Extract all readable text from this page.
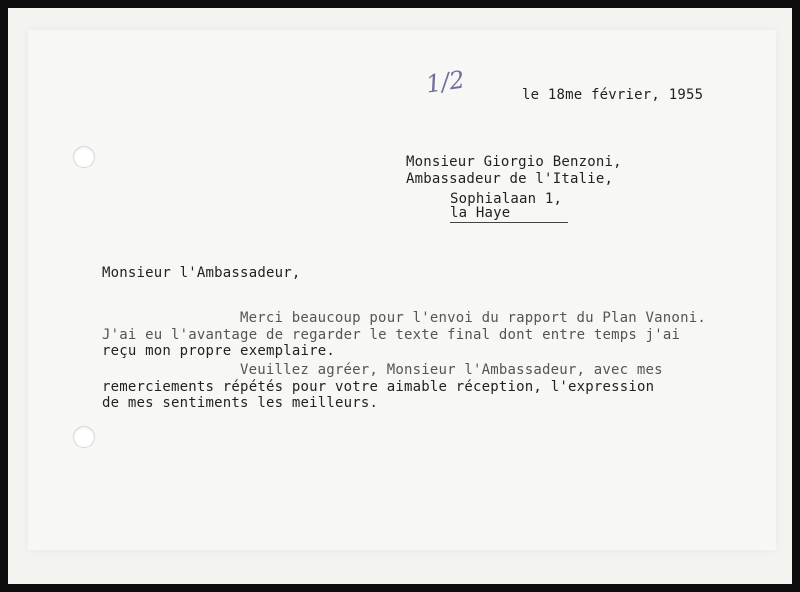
1/2	le 18me février, 1955
Monsieur Giorgio Benzoni,
Ambassadeur de l'Italie,
Sophialaan 1,
la Haye
Monsieur l'Ambassadeur,
Merci beaucoup pour l'envoi du rapport du Plan Vanoni.
J'ai eu l'avantage de regarder le texte final dont entre temps j'ai
reçu mon propre exemplaire.
Veuillez agréer, Monsieur l'Ambassadeur, avec mes
remerciements répétés pour votre aimable réception, l'expression
de mes sentiments les meilleurs.
